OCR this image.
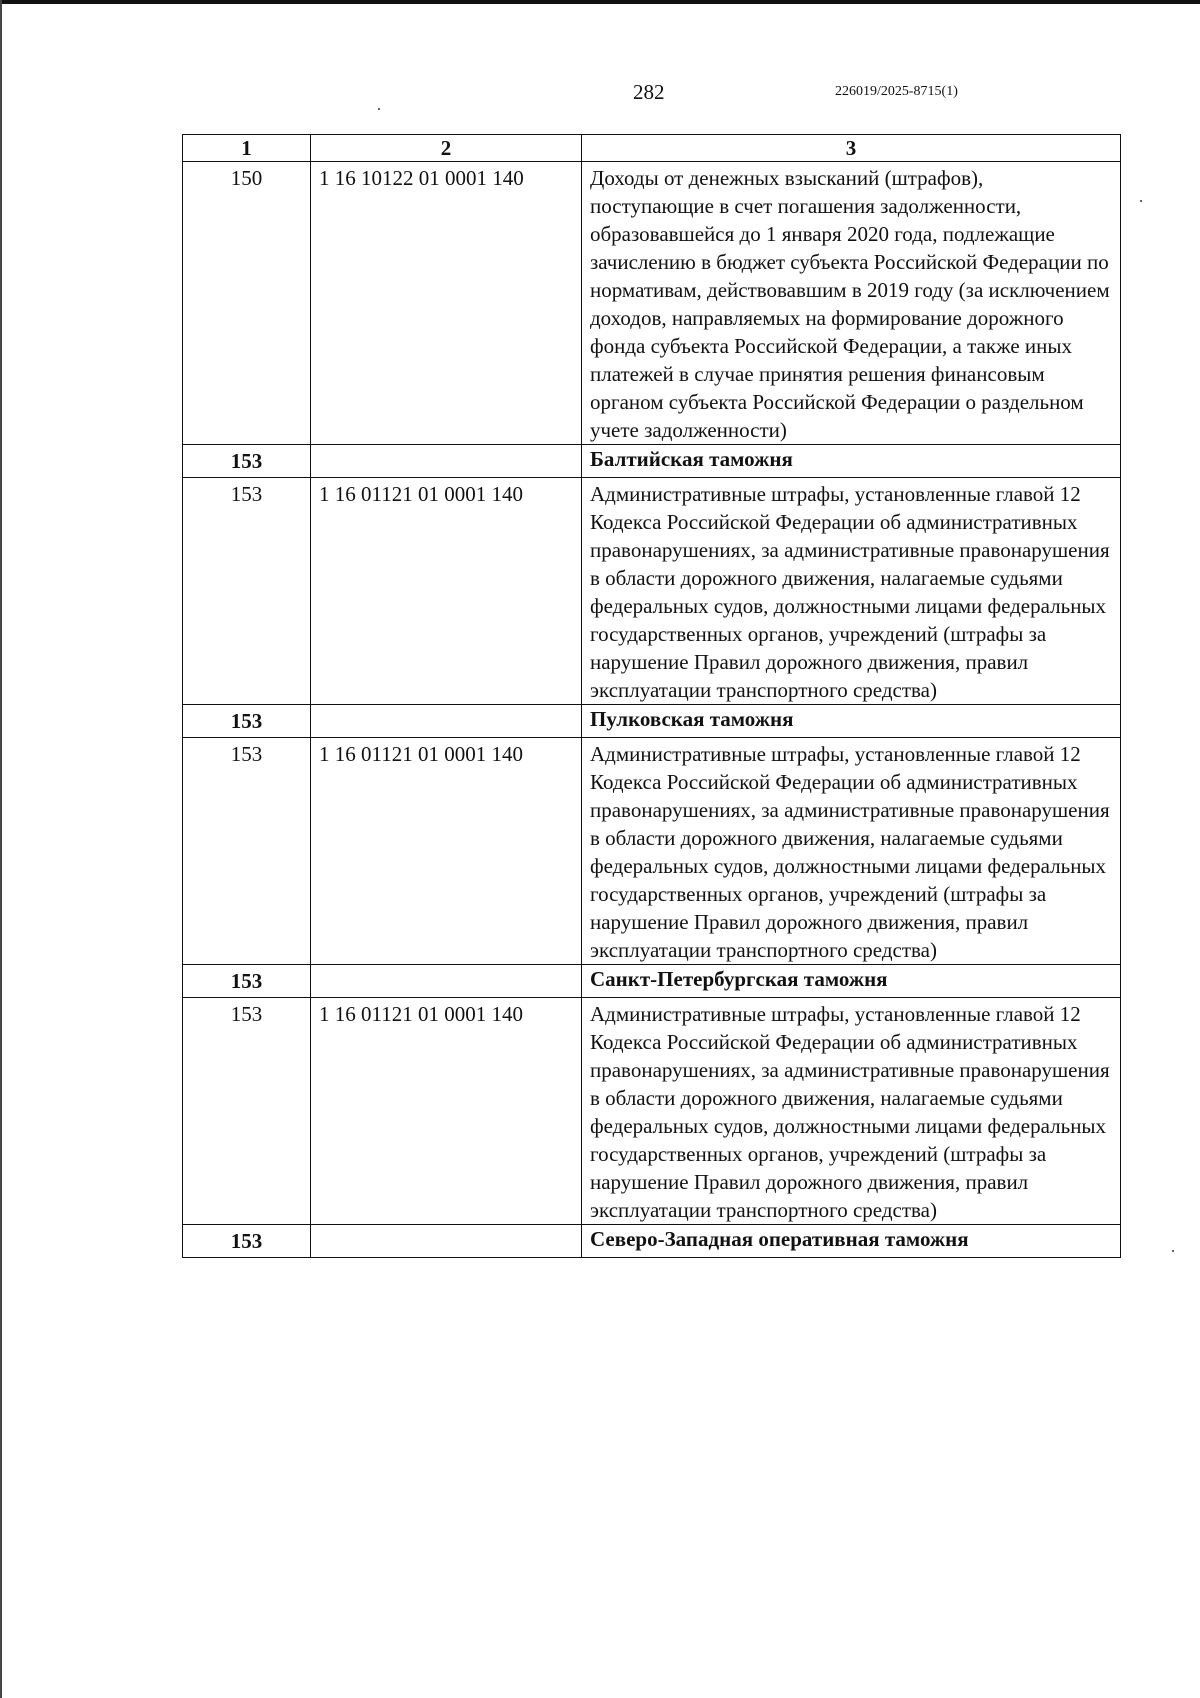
282	226019/2025-8715(1)
1	2	3
150	1 16 10122 01 0001 140	Доходы от денежных взысканий (штрафов), поступающие в счет погашения задолженности, образовавшейся до 1 января 2020 года, подлежащие зачислению в бюджет субъекта Российской Федерации по нормативам, действовавшим в 2019 году (за исключением доходов, направляемых на формирование дорожного фонда субъекта Российской Федерации, а также иных платежей в случае принятия решения финансовым органом субъекта Российской Федерации о раздельном учете задолженности)
153		Балтийская таможня
153	1 16 01121 01 0001 140	Административные штрафы, установленные главой 12 Кодекса Российской Федерации об административных правонарушениях, за административные правонарушения в области дорожного движения, налагаемые судьями федеральных судов, должностными лицами федеральных государственных органов, учреждений (штрафы за нарушение Правил дорожного движения, правил эксплуатации транспортного средства)
153		Пулковская таможня
153	1 16 01121 01 0001 140	Административные штрафы, установленные главой 12 Кодекса Российской Федерации об административных правонарушениях, за административные правонарушения в области дорожного движения, налагаемые судьями федеральных судов, должностными лицами федеральных государственных органов, учреждений (штрафы за нарушение Правил дорожного движения, правил эксплуатации транспортного средства)
153		Санкт-Петербургская таможня
153	1 16 01121 01 0001 140	Административные штрафы, установленные главой 12 Кодекса Российской Федерации об административных правонарушениях, за административные правонарушения в области дорожного движения, налагаемые судьями федеральных судов, должностными лицами федеральных государственных органов, учреждений (штрафы за нарушение Правил дорожного движения, правил эксплуатации транспортного средства)
153		Северо-Западная оперативная таможня
